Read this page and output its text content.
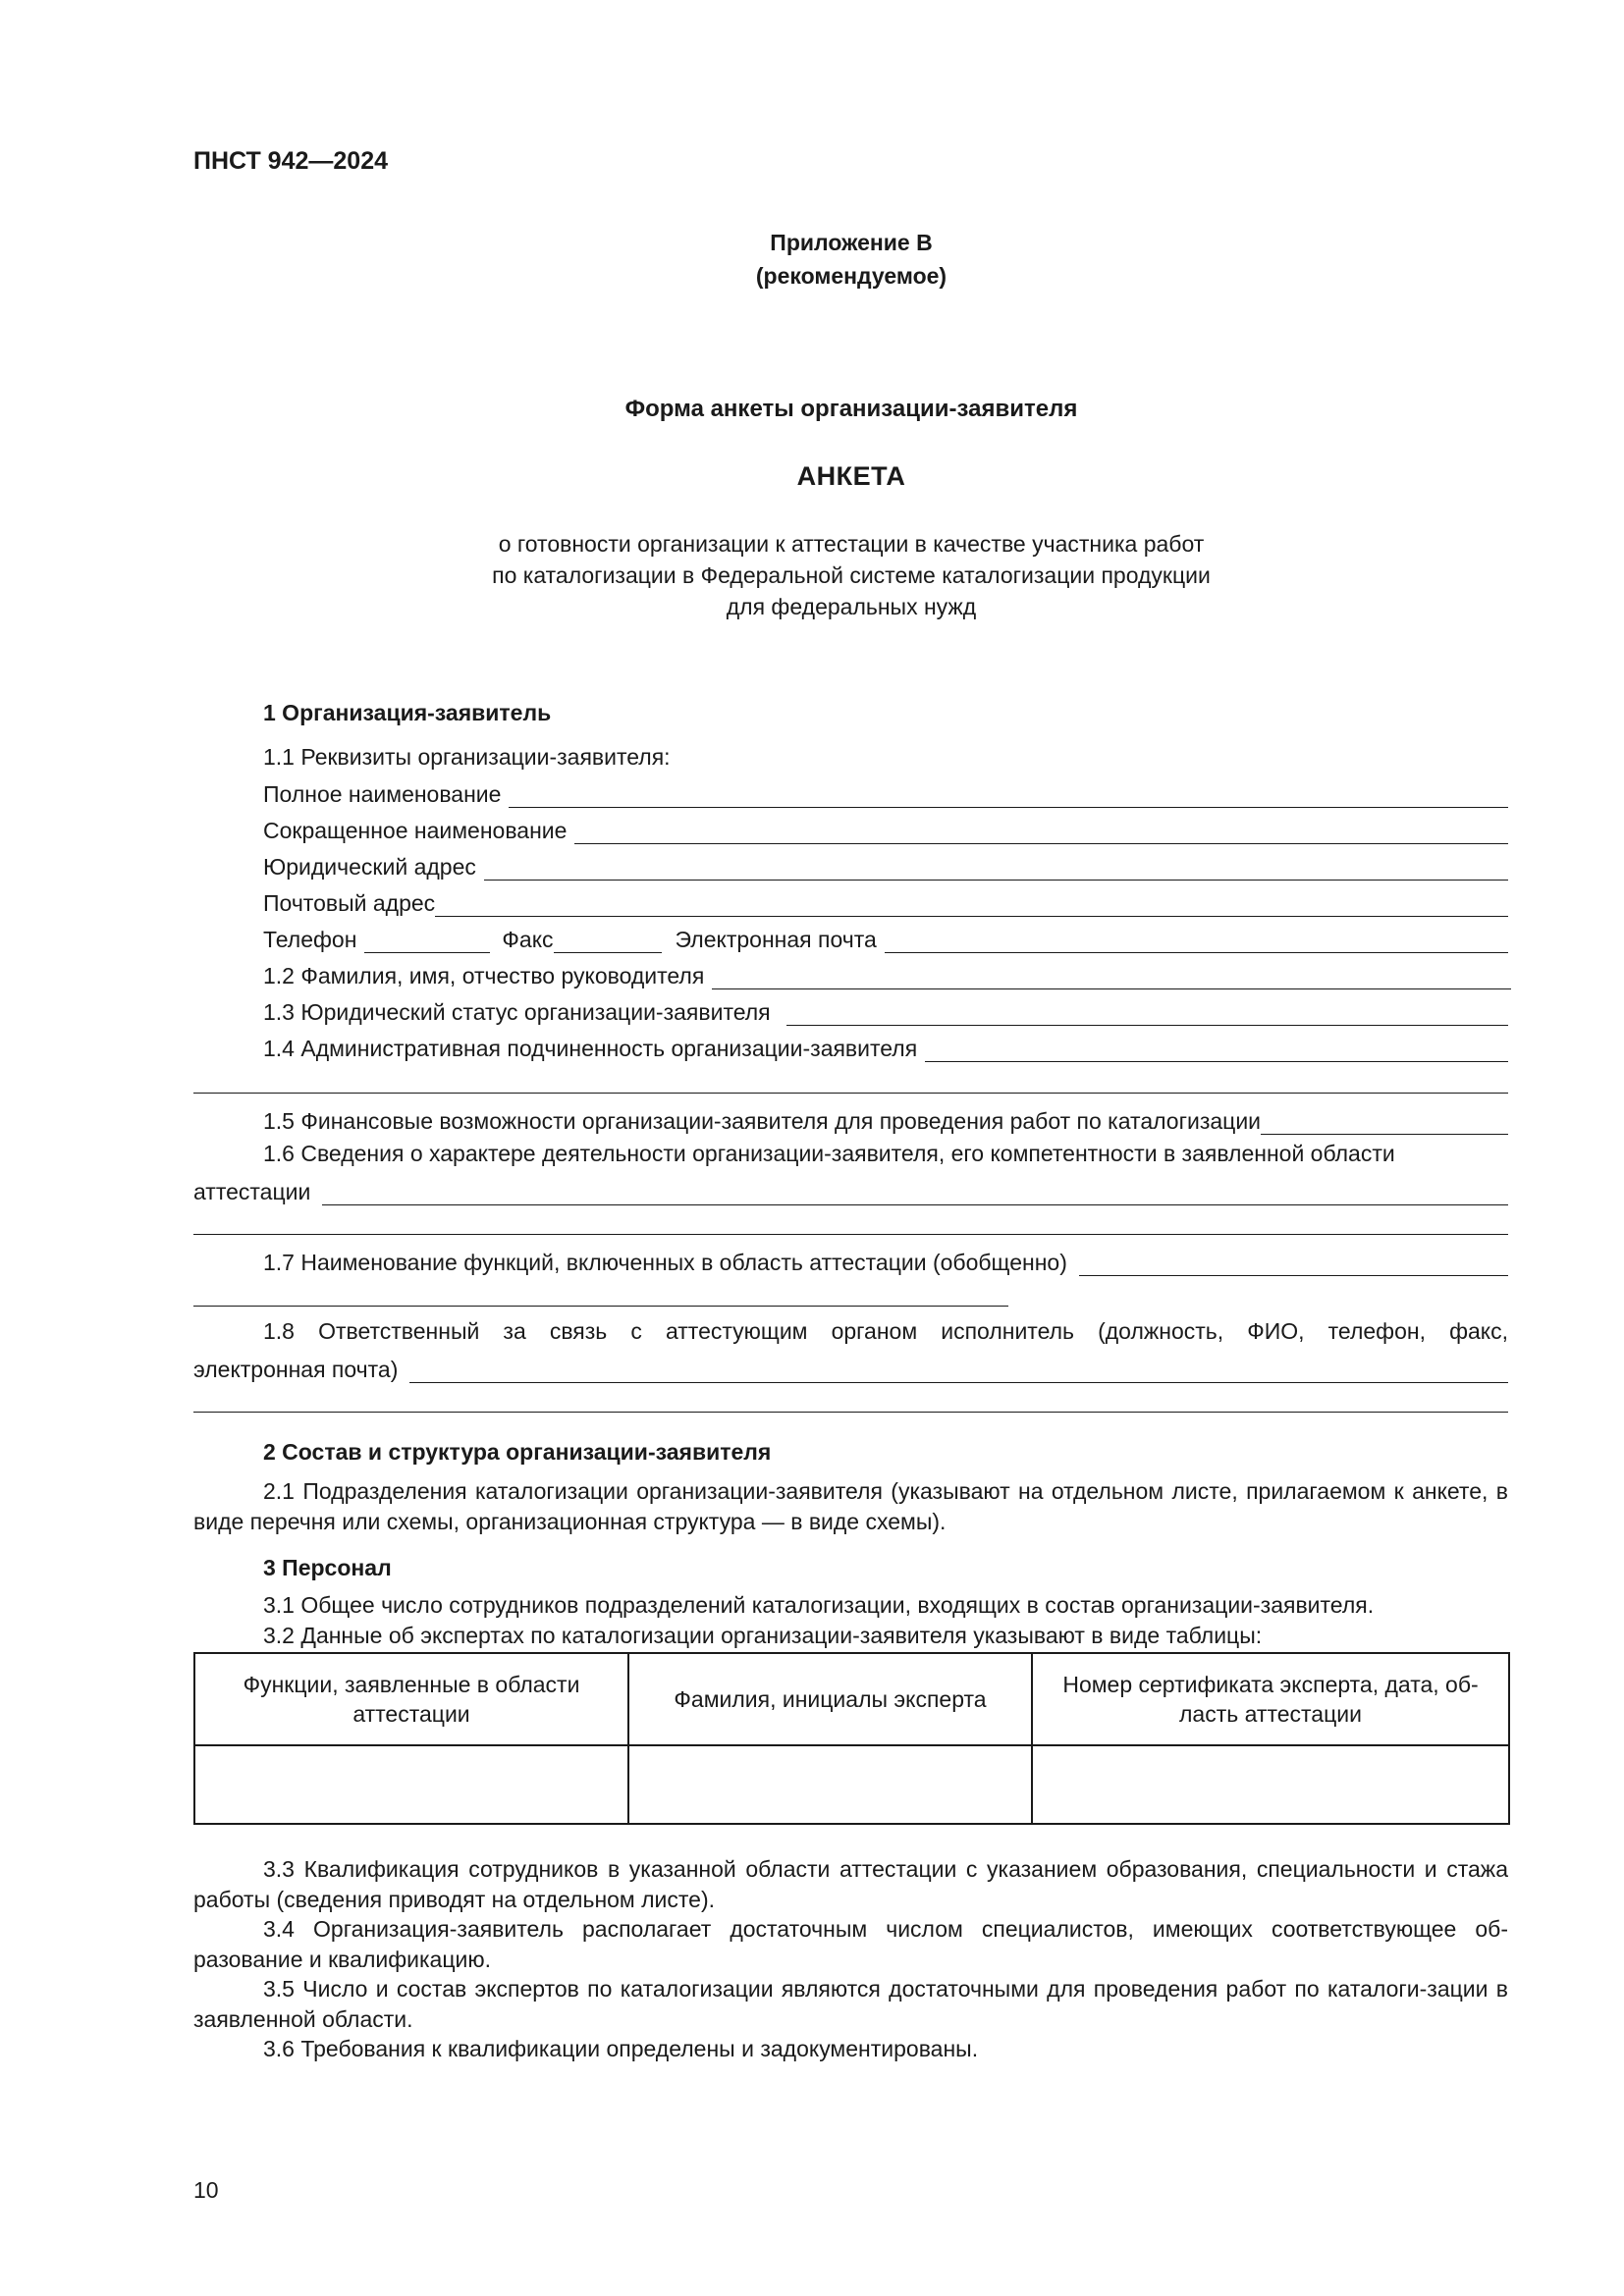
ПНСТ 942—2024
Приложение В
(рекомендуемое)
Форма анкеты организации-заявителя
АНКЕТА
о готовности организации к аттестации в качестве участника работ
по каталогизации в Федеральной системе каталогизации продукции
для федеральных нужд
1 Организация-заявитель
1.1 Реквизиты организации-заявителя:
Полное наименование
Сокращенное наименование
Юридический адрес
Почтовый адрес
Телефон	Факс	Электронная почта
1.2 Фамилия, имя, отчество руководителя
1.3 Юридический статус организации-заявителя
1.4 Административная подчиненность организации-заявителя
1.5 Финансовые возможности организации-заявителя для проведения работ по каталогизации
1.6 Сведения о характере деятельности организации-заявителя, его компетентности в заявленной области
аттестации
1.7 Наименование функций, включенных в область аттестации (обобщенно)
1.8 Ответственный за связь с аттестующим органом исполнитель (должность, ФИО, телефон, факс,
электронная почта)
2 Состав и структура организации-заявителя
2.1 Подразделения каталогизации организации-заявителя (указывают на отдельном листе, прилагаемом к анкете, в виде перечня или схемы, организационная структура — в виде схемы).
3 Персонал
3.1 Общее число сотрудников подразделений каталогизации, входящих в состав организации-заявителя.
3.2 Данные об экспертах по каталогизации организации-заявителя указывают в виде таблицы:
Функции, заявленные в области аттестации	Фамилия, инициалы эксперта	Номер сертификата эксперта, дата, об-ласть аттестации

3.3 Квалификация сотрудников в указанной области аттестации с указанием образования, специальности и стажа работы (сведения приводят на отдельном листе).
3.4 Организация-заявитель располагает достаточным числом специалистов, имеющих соответствующее об-разование и квалификацию.
3.5 Число и состав экспертов по каталогизации являются достаточными для проведения работ по каталоги-зации в заявленной области.
3.6 Требования к квалификации определены и задокументированы.
10
